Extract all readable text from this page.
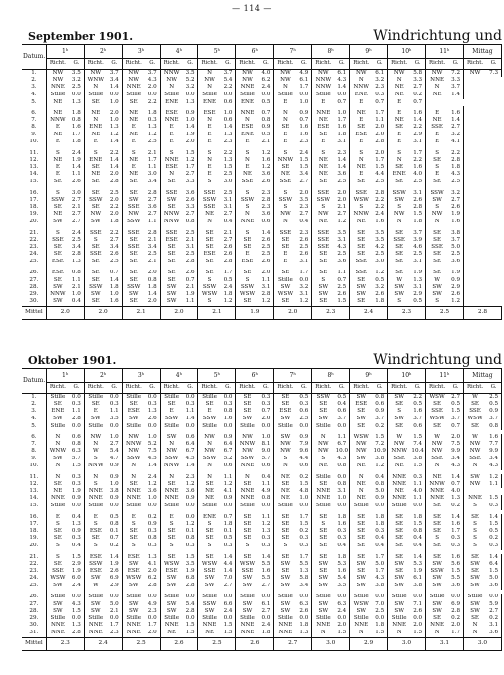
— 114 —
September 1901.	Windrichtung und
Datum.	1ʰ		2ʰ		3ʰ		4ʰ		5ʰ		6ʰ		7ʰ		8ʰ		9ʰ		10ʰ		11ʰ		Mittag	
	Richt.	G.	Richt.	G.	Richt.	G.	Richt.	G.	Richt.	G.	Richt.	G.	Richt.	G.	Richt.	G.	Richt.	G.	Richt.	G.	Richt.	G.	Richt.	G.
1.	NW	3.5	NW	3.7	NW	3.7	NNW	3.5	N	3.7	NW	4.0	NW	4.9	NW	6.1	NW	6.1	NW	5.8	NW	7.2	NW	7.3
2.	NW	3.2	WNW	3.4	NW	4.3	NW	5.2	NW	5.4	NW	6.2	NW	6.1	NNW	4.3	N	3.2	N	3.3	NNE	3.3		
3.	NNE	2.5	N	1.4	NNE	2.0	N	3.2	N	2.2	NNE	2.4	N	1.7	NNW	1.4	NNW	2.3	NE	2.7	N	3.7		
4.	Stille	0.0	Stille	0.0	Stille	0.0	Stille	0.0	Stille	0.0	Stille	0.0	Stille	0.0	Stille	0.0	ENE	0.3	NE	0.2	NE	1.4		
5.	NE	1.3	SE	1.0	SE	2.2	ENE	1.3	ENE	0.6	ENE	0.5	E	1.0	E	0.7	E	0.7	E	0.7				

6.	NE	1.8	NE	2.0	NE	1.8	ESE	0.9	ESE	1.0	NNE	0.7	N	0.9	NNE	1.0	NE	1.7	E	1.6	E	1.6		
7.	NNW	0.8	N	1.0	NE	0.3	NNE	1.0	N	0.6	N	0.8	N	0.7	NE	1.7	E	1.1	NE	1.4	NE	1.4		
8.	E	1.6	ENE	1.3	E	1.3	E	1.4	E	1.4	ESE	0.9	SE	1.6	ESE	1.6	SE	2.0	SE	2.2	SSE	2.7		
9.	NE	1.7	NE	1.2	NE	1.2	E	1.9	E	1.3	ENE	0.5	E	1.6	SE	1.8	ESE	2.0	E	2.9	E	3.2		
10.	E	1.8	E	1.4	E	2.5	E	2.0	E	2.3	E	2.1	E	2.3	E	3.1	E	2.8	E	3.1	E	4.1		

11.	S	2.4	S	2.2	S	2.1	S	1.5	S	2.2	S	1.2	S	2.4	S	2.3	S	2.0	S	1.7	S	2.2		
12.	NE	1.9	ENE	1.4	NE	1.7	NNE	1.2	N	1.3	N	1.6	NNW	1.5	NE	1.4	N	1.7	N	2.2	SE	2.8		
13.	E	1.4	SE	1.4	E	1.1	ESE	1.7	E	1.5	E	1.2	SE	1.5	NE	1.4	NE	1.5	SE	1.6	S	1.8		
14.	E	1.1	NE	2.0	NE	3.0	N	2.7	E	2.5	NE	3.6	NE	3.4	NE	3.6	E	4.4	ENE	4.0	E	4.3		
15.	SE	2.6	SE	2.8	SE	3.4	SE	3.3	S	3.0	SSE	2.6	SSE	2.7	SE	2.5	SE	2.5	SE	2.5	SE	2.5		

16.	S	3.0	SE	2.5	SE	2.8	SSE	3.6	SSE	2.5	S	2.3	S	2.0	SSE	2.0	SSE	2.8	SSW	3.1	SSW	3.2		
17.	SSW	2.7	SSW	2.0	SW	2.7	SW	2.6	SSW	3.1	SSW	2.8	SSW	3.5	SSW	2.0	WSW	2.2	SW	2.6	SW	2.7		
18.	SE	2.1	SE	2.2	SSE	3.6	SE	3.3	SSE	3.1	S	2.3	S	2.3	S	2.1	S	2.2	S	2.8	S	2.6		
19.	NE	2.7	NW	2.0	NW	2.7	NNW	2.7	NE	2.7	N	3.6	NW	2.7	NW	2.7	NNW	2.4	NW	1.5	NW	1.9		
20.	SW	2.7	SW	1.8	SSW	1.1	NNW	0.8	N	0.4	NNE	0.6	N	0.4	NE	1.2	NE	1.6	N	1.8	N	1.6		

21.	S	2.4	SSE	2.2	SSE	2.8	SSE	2.5	SE	2.1	S	1.4	SSE	2.3	SSE	3.5	SE	3.5	SE	3.7	SE	3.8		
22.	SSE	2.5	S	2.7	SE	2.1	ESE	2.1	SE	2.7	SE	2.6	SE	2.6	SSE	3.1	SE	3.5	SSE	3.9	SE	3.7		
23.	SE	3.4	SE	3.4	SSE	3.4	SE	3.1	SE	2.6	SE	2.5	SE	2.5	SSE	4.3	SE	4.2	SE	4.6	SSE	5.0		
24.	SE	2.8	SSE	2.6	SE	2.5	SE	2.5	ESE	2.6	E	2.5	E	2.6	SE	2.5	SE	2.5	SE	2.5	SE	2.5		
25.	ESE	1.3	SE	2.5	SE	2.1	SE	2.8	SE	2.8	ESE	2.6	E	3.1	SE	3.6	SSE	3.0	SE	3.1	SE	3.6		

26.	ESE	0.8	SE	0.7	SE	2.0	SE	2.6	SE	1.7	SE	2.0	SE	1.7	SE	1.1	SSE	1.2	SE	1.9	SE	1.9		
27.	SE	1.1	SE	1.4	SE	0.8	SE	0.7	S	0.5	S	1.1	Stille	0.0	S	0.7	SE	0.5	W	1.3	W	0.9		
28.	SW	2.1	SSW	1.8	SSW	1.8	SW	2.1	SSW	2.4	SSW	3.1	SW	3.2	SW	2.5	SW	3.2	SW	3.1	SW	2.9		
29.	NNW	1.0	SW	1.0	SW	1.4	SW	1.9	WSW	1.8	WSW	2.8	WSW	3.1	SW	2.6	SW	2.6	SW	2.9	SW	2.6		
30.	SW	0.4	SE	1.6	SE	2.0	SW	1.1	S	1.2	SE	1.2	SE	1.2	SE	1.5	SE	1.8	S	0.5	S	1.2		
Mittel	2.0		2.0		2.1		2.0		2.1		1.9		2.0		2.3		2.4		2.3		2.5		2.8	
Oktober 1901.	Windrichtung und
Datum.	1ʰ		2ʰ		3ʰ		4ʰ		5ʰ		6ʰ		7ʰ		8ʰ		9ʰ		10ʰ		11ʰ		Mittag	
	Richt.	G.	Richt.	G.	Richt.	G.	Richt.	G.	Richt.	G.	Richt.	G.	Richt.	G.	Richt.	G.	Richt.	G.	Richt.	G.	Richt.	G.	Richt.	G.
1.	Stille	0.0	Stille	0.0	Stille	0.0	Stille	0.0	Stille	0.0	SE	0.3	SE	0.5	SSW	0.5	SW	0.8	SW	2.2	WSW	2.7	W	2.5
2.	SE	0.3	SE	0.3	SE	0.3	SE	0.3	SE	0.3	SE	0.3	SE	0.3	SE	0.4	ESE	0.6	SE	0.5	SE	0.5	SE	0.5
3.	ENE	1.1	E	1.1	ESE	1.3	E	1.1	E	0.8	SE	0.7	ESE	0.6	SE	0.6	SE	0.9	S	1.6	SSE	1.5	SSE	0.9
4.	SW	2.8	SW	3.5	SW	2.6	SSW	1.4	SSW	1.6	SW	2.0	SW	2.5	SW	3.7	SW	3.7	SW	3.7	WSW	3.7	WSW	3.7
5.	Stille	0.0	Stille	0.0	Stille	0.0	Stille	0.0	Stille	0.0	Stille	0.0	Stille	0.0	Stille	0.0	SE	0.2	SE	0.6	SE	0.7	SE	0.8

6.	N	0.6	NW	1.0	NW	1.0	SW	0.6	NW	0.9	NW	1.0	SW	0.9	N	1.1	WSW	1.5	W	1.5	W	2.0	W	1.6
7.	N	0.8	N	2.7	NNW	5.2	N	6.4	N	6.4	NNW	8.1	NW	7.9	NW	6.7	NW	7.2	NW	7.4	NW	7.5	NW	7.7
8.	WNW	6.3	W	5.4	NW	7.5	NW	6.7	NW	6.7	NW	9.0	NW	9.6	NW	10.0	NW	10.9	NNW	10.4	NW	9.9	NW	9.9
9.	SW	5.7	S	4.7	SSW	4.5	SSW	4.5	SSW	5.2	SSW	5.7	S	4.4	S	4.3	SW	3.8	SSE	3.8	SSE	3.4	SSE	3.4
10.	N	1.5	NNW	0.9	N	1.4	NNW	1.4	N	0.6	NNE	0.6	N	0.6	NE	0.8	NE	1.2	NE	1.5	N	4.3	N	4.3

11.	N	0.3	N	0.9	N	2.4	N	2.3	N	1.1	N	0.4	NE	0.2	Stille	0.0	N	0.4	NNE	0.3	NE	1.4	SW	1.2
12.	SE	0.3	S	1.0	SE	1.2	SE	1.2	SE	1.2	SE	1.1	SE	1.5	SE	0.8	NE	0.8	NNE	1.1	NNW	0.7	NW	1.1
13.	NE	1.9	NNE	3.8	NNE	3.6	NNE	3.6	NE	4.1	NNE	4.9	NE	4.8	NNE	3.1	N	5.0	NE	4.0	NNE	4.0		
14.	NNE	0.9	NNE	0.9	NNE	1.0	NNE	0.9	NE	0.9	NNE	0.8	NE	1.0	NNE	1.0	NE	0.9	NNE	1.1	NNE	1.3	NNE	1.5
15.	Stille	0.0	Stille	0.0	Stille	0.0	Stille	0.0	Stille	0.0	Stille	0.0	Stille	0.0	Stille	0.0	Stille	0.0	Stille	0.0	SE	0.2	S	0.3

16.	E	0.4	E	0.5	E	0.2	E	0.0	ENE	0.7	SE	1.1	SE	1.7	SE	1.8	SE	1.8	SE	1.8	SE	1.4	SE	1.4
17.	S	1.3	S	0.8	S	0.9	S	1.2	S	1.8	SE	1.2	SE	1.5	S	1.6	SE	1.8	SE	1.5	SE	1.6	S	1.5
18.	SE	0.9	ESE	0.1	SE	0.3	SE	0.1	SE	0.1	SE	1.3	SE	0.2	SE	0.3	SE	0.3	SE	0.8	SE	1.7	S	0.5
19.	SE	0.3	SE	0.7	SE	0.8	SE	0.8	SE	0.5	SE	0.3	SE	0.3	SE	0.3	SE	0.4	SE	0.4	S	0.3	S	0.2
20.	S	0.4	S	0.2	S	0.3	S	0.3	S	0.3	S	0.3	S	0.3	SE	0.4	SE	0.4	SE	0.4	SE	0.3	S	0.3

21.	S	1.5	ESE	1.4	ESE	1.3	SE	1.5	SE	1.4	SE	1.4	SE	1.7	SE	1.8	SE	1.7	SE	1.4	SE	1.6	SE	1.4
22.	SE	2.9	SSW	1.9	SW	4.1	WSW	3.5	WSW	4.4	WSW	5.5	SW	5.5	SW	5.3	SW	5.0	SW	5.3	SW	5.6	SW	6.4
23.	SSE	1.9	ESE	2.6	ESE	2.0	ESE	1.9	SSE	1.4	SSE	1.6	SE	1.3	SE	1.6	SE	1.7	SE	1.9	SSW	1.5	SE	1.5
24.	WSW	6.0	SW	6.9	WSW	6.2	SW	6.8	SW	7.0	SW	5.5	SW	5.8	SW	5.4	SW	4.3	SW	6.1	SW	5.5	SW	5.0
25.	SW	2.4	W	2.9	SW	2.8	SW	2.8	SW	2.7	SW	2.7	SW	3.4	SW	3.5	SW	3.8	SW	3.8	SW	3.6	SW	3.6

26.	Stille	0.0	Stille	0.0	Stille	0.0	Stille	0.0	Stille	0.0	Stille	0.0	Stille	0.0	Stille	0.0	Stille	0.0	Stille	0.0	Stille	0.0	Stille	0.0
27.	SW	4.3	SW	5.0	SW	4.9	SW	5.4	SSW	6.6	SW	6.1	SW	6.3	SW	6.3	WSW	7.0	SW	7.1	SW	6.9	SW	5.9
28.	SW	1.5	SW	2.1	SW	2.3	SW	2.8	SW	2.4	SW	2.7	SW	2.6	SW	2.4	SW	2.5	SW	2.6	SW	2.8	SW	2.7
29.	Stille	0.0	Stille	0.0	Stille	0.0	Stille	0.0	Stille	0.0	Stille	0.0	Stille	0.0	Stille	0.0	Stille	0.0	Stille	0.0	SE	0.2	SE	0.2
30.	NNE	1.3	NNE	1.7	NNE	1.7	NNE	1.5	NNE	1.5	NNE	2.4	NNE	1.8	NNE	2.0	NNE	1.8	NNE	2.0	NNE	2.0	N	3.1
31.	NNE	2.8	NNE	2.3	NNE	2.0	NE	1.5	NE	1.5	NNE	1.8	NNE	1.3	N	1.5	N	1.5	N	1.5	N	1.7	N	3.6
Mittel	2.3		2.4		2.5		2.6		2.5		2.6		2.7		3.0		2.9		3.0		3.1		3.0	
